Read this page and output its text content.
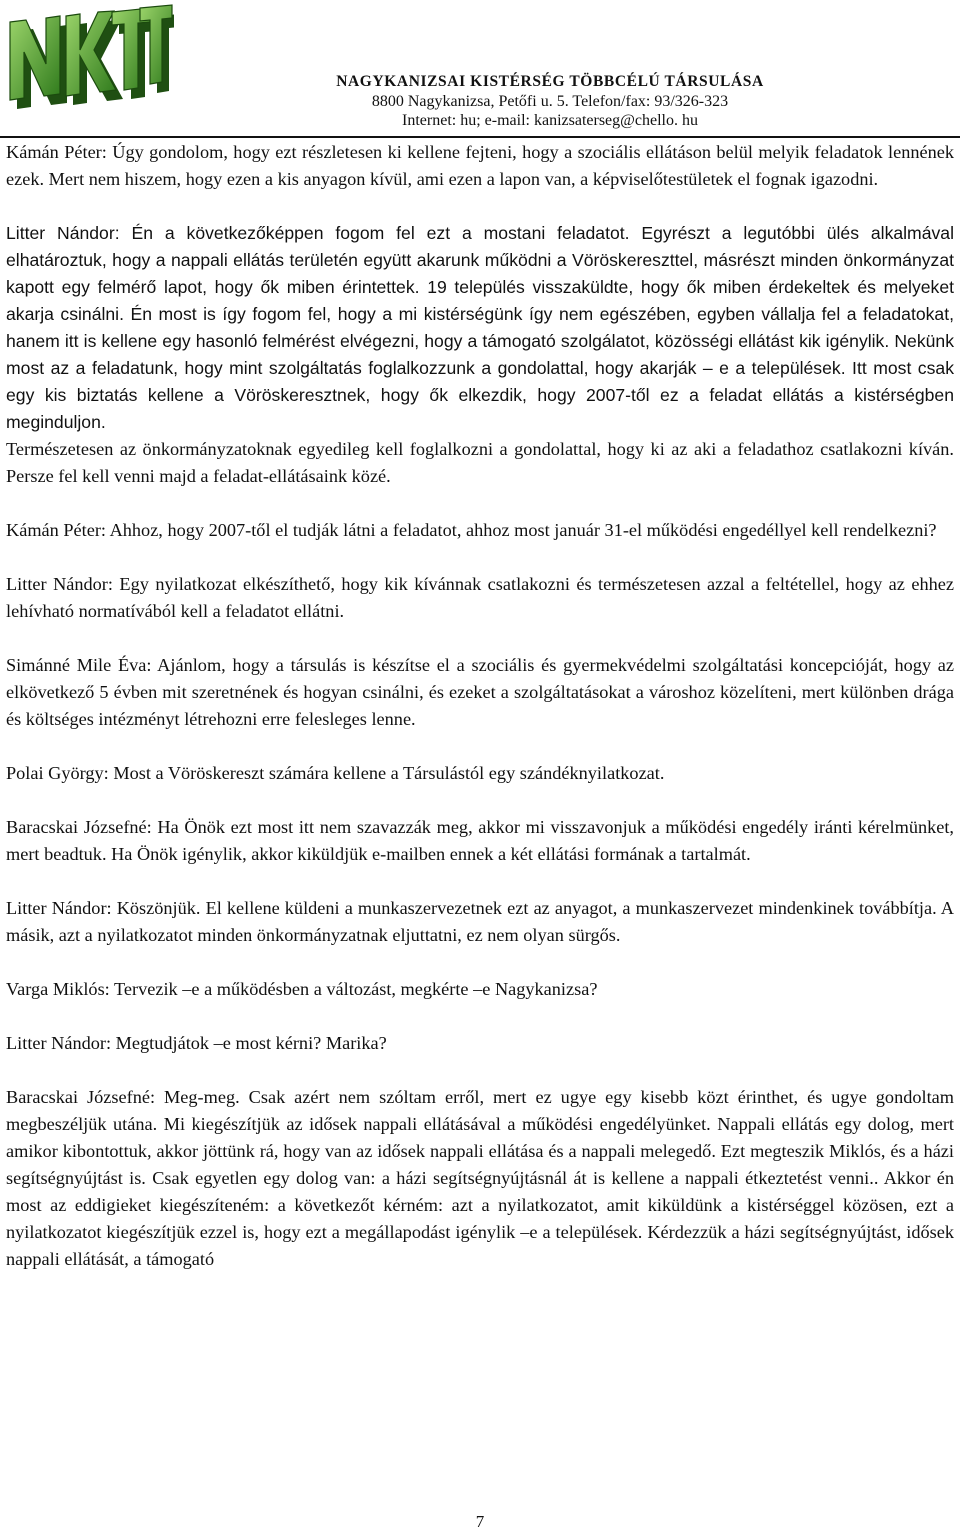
NAGYKANIZSAI KISTÉRSÉG TÖBBCÉLÚ TÁRSULÁSA
8800 Nagykanizsa, Petőfi u. 5. Telefon/fax: 93/326-323
Internet: hu; e-mail: kanizsaterseg@chello. hu

Kámán Péter: Úgy gondolom, hogy ezt részletesen ki kellene fejteni, hogy a szociális ellátáson belül melyik feladatok lennének ezek. Mert nem hiszem, hogy ezen a kis anyagon kívül, ami ezen a lapon van, a képviselőtestületek el fognak igazodni.

Litter Nándor: Én a következőképpen fogom fel ezt a mostani feladatot. Egyrészt a legutóbbi ülés alkalmával elhatároztuk, hogy a nappali ellátás területén együtt akarunk működni a Vöröskereszttel, másrészt minden önkormányzat kapott egy felmérő lapot, hogy ők miben érintettek. 19 település visszaküldte, hogy ők miben érdekeltek és melyeket akarja csinálni. Én most is így fogom fel, hogy a mi kistérségünk így nem egészében, egyben vállalja fel a feladatokat, hanem itt is kellene egy hasonló felmérést elvégezni, hogy a támogató szolgálatot, közösségi ellátást kik igénylik. Nekünk most az a feladatunk, hogy mint szolgáltatás foglalkozzunk a gondolattal, hogy akarják – e a települések. Itt most csak egy kis biztatás kellene a Vöröskeresztnek, hogy ők elkezdik, hogy 2007-től ez a feladat ellátás a kistérségben meginduljon.

Természetesen az önkormányzatoknak egyedileg kell foglalkozni a gondolattal, hogy ki az aki a feladathoz csatlakozni kíván. Persze fel kell venni majd a feladat-ellátásaink közé.

Kámán Péter: Ahhoz, hogy 2007-től el tudják látni a feladatot, ahhoz most január 31-el működési engedéllyel kell rendelkezni?

Litter Nándor: Egy nyilatkozat elkészíthető, hogy kik kívánnak csatlakozni és természetesen azzal a feltétellel, hogy az ehhez lehívható normatívából kell a feladatot ellátni.

Simánné Mile Éva: Ajánlom, hogy a társulás is készítse el a szociális és gyermekvédelmi szolgáltatási koncepcióját, hogy az elkövetkező 5 évben mit szeretnének és hogyan csinálni, és ezeket a szolgáltatásokat a városhoz közelíteni, mert különben drága és költséges intézményt létrehozni erre felesleges lenne.

Polai György: Most a Vöröskereszt számára kellene a Társulástól egy szándéknyilatkozat.

Baracskai Józsefné: Ha Önök ezt most itt nem szavazzák meg, akkor mi visszavonjuk a működési engedély iránti kérelmünket, mert beadtuk. Ha Önök igénylik, akkor kiküldjük e-mailben ennek a két ellátási formának a tartalmát.

Litter Nándor: Köszönjük. El kellene küldeni a munkaszervezetnek ezt az anyagot, a munkaszervezet mindenkinek továbbítja. A másik, azt a nyilatkozatot minden önkormányzatnak eljuttatni, ez nem olyan sürgős.

Varga Miklós: Tervezik –e a működésben a változást, megkérte –e Nagykanizsa?

Litter Nándor: Megtudjátok –e most kérni? Marika?

Baracskai Józsefné: Meg-meg. Csak azért nem szóltam erről, mert ez ugye egy kisebb közt érinthet, és ugye gondoltam megbeszéljük utána. Mi kiegészítjük az idősek nappali ellátásával a működési engedélyünket. Nappali ellátás egy dolog, mert amikor kibontottuk, akkor jöttünk rá, hogy van az idősek nappali ellátása és a nappali melegedő. Ezt megteszik Miklós, és a házi segítségnyújtást is. Csak egyetlen egy dolog van: a házi segítségnyújtásnál át is kellene a nappali étkeztetést venni.. Akkor én most az eddigieket kiegészíteném: a következőt kérném: azt a nyilatkozatot, amit kiküldünk a kistérséggel közösen, ezt a nyilatkozatot kiegészítjük ezzel is, hogy ezt a megállapodást igénylik –e a települések. Kérdezzük a házi segítségnyújtást, idősek nappali ellátását, a támogató

7
